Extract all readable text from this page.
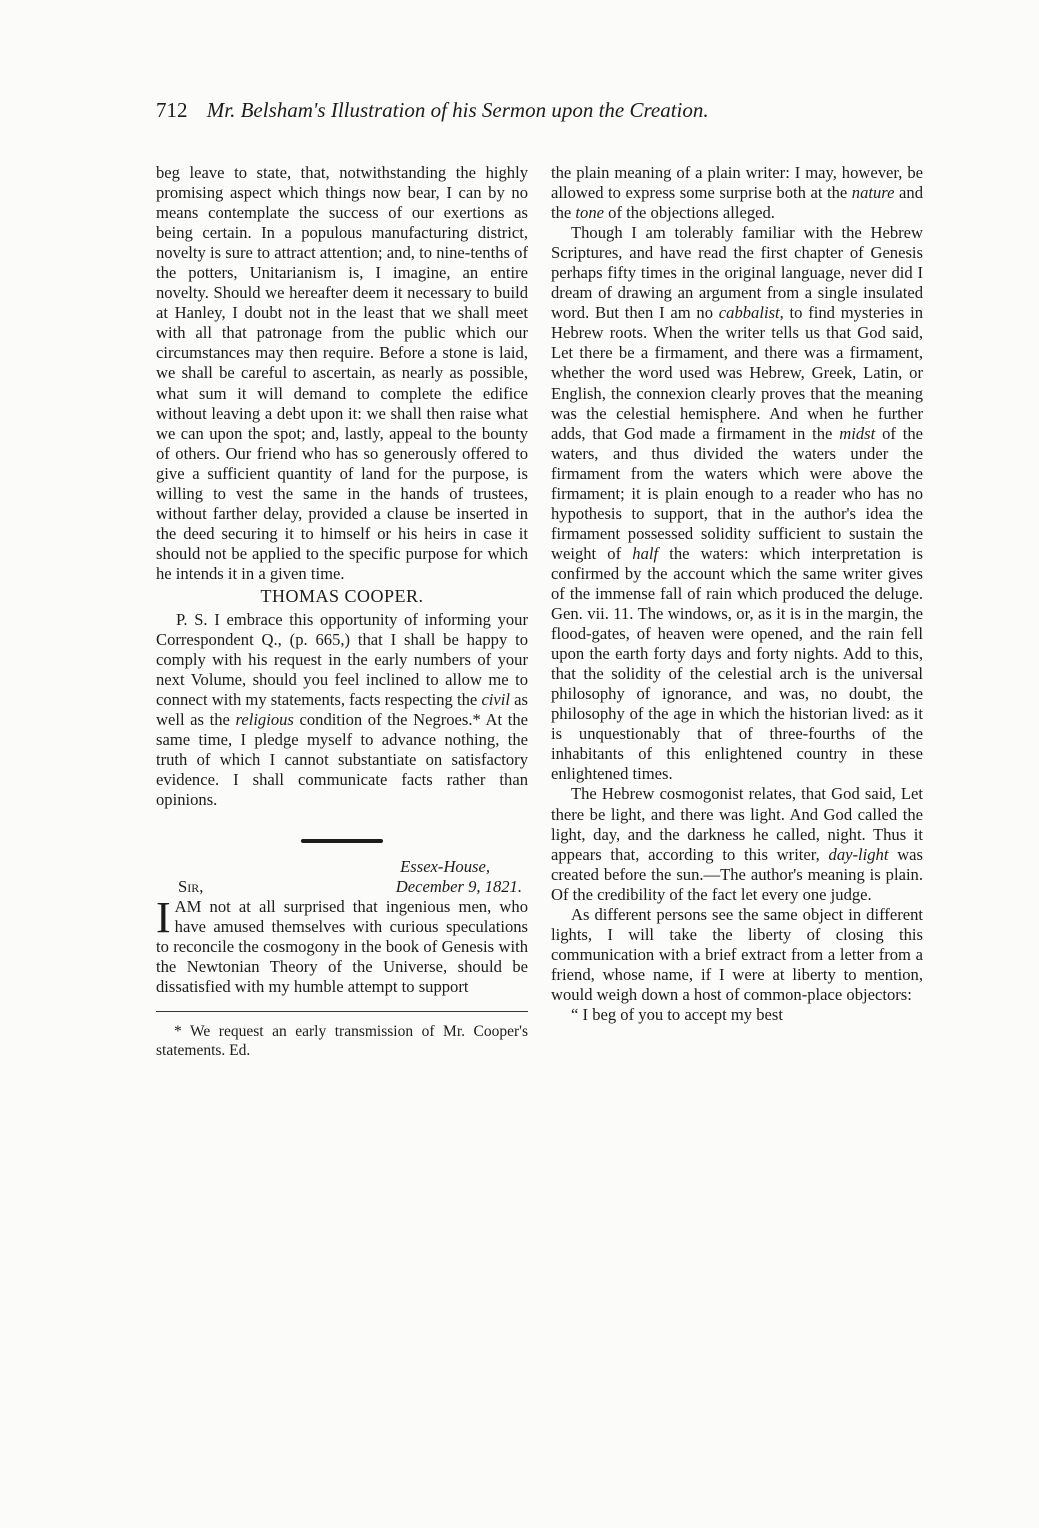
712 Mr. Belsham's Illustration of his Sermon upon the Creation.

beg leave to state, that, notwithstanding the highly promising aspect which things now bear, I can by no means contemplate the success of our exertions as being certain. In a populous manufacturing district, novelty is sure to attract attention; and, to nine-tenths of the potters, Unitarianism is, I imagine, an entire novelty. Should we hereafter deem it necessary to build at Hanley, I doubt not in the least that we shall meet with all that patronage from the public which our circumstances may then require. Before a stone is laid, we shall be careful to ascertain, as nearly as possible, what sum it will demand to complete the edifice without leaving a debt upon it: we shall then raise what we can upon the spot; and, lastly, appeal to the bounty of others. Our friend who has so generously offered to give a sufficient quantity of land for the purpose, is willing to vest the same in the hands of trustees, without farther delay, provided a clause be inserted in the deed securing it to himself or his heirs in case it should not be applied to the specific purpose for which he intends it in a given time.

THOMAS COOPER.

P. S. I embrace this opportunity of informing your Correspondent Q., (p. 665,) that I shall be happy to comply with his request in the early numbers of your next Volume, should you feel inclined to allow me to connect with my statements, facts respecting the civil as well as the religious condition of the Negroes.* At the same time, I pledge myself to advance nothing, the truth of which I cannot substantiate on satisfactory evidence. I shall communicate facts rather than opinions.

Essex-House,
Sir,	December 9, 1821.

IAM not at all surprised that ingenious men, who have amused themselves with curious speculations to reconcile the cosmogony in the book of Genesis with the Newtonian Theory of the Universe, should be dissatisfied with my humble attempt to support

* We request an early transmission of Mr. Cooper's statements. Ed.

the plain meaning of a plain writer: I may, however, be allowed to express some surprise both at the nature and the tone of the objections alleged.

Though I am tolerably familiar with the Hebrew Scriptures, and have read the first chapter of Genesis perhaps fifty times in the original language, never did I dream of drawing an argument from a single insulated word. But then I am no cabbalist, to find mysteries in Hebrew roots. When the writer tells us that God said, Let there be a firmament, and there was a firmament, whether the word used was Hebrew, Greek, Latin, or English, the connexion clearly proves that the meaning was the celestial hemisphere. And when he further adds, that God made a firmament in the midst of the waters, and thus divided the waters under the firmament from the waters which were above the firmament; it is plain enough to a reader who has no hypothesis to support, that in the author's idea the firmament possessed solidity sufficient to sustain the weight of half the waters: which interpretation is confirmed by the account which the same writer gives of the immense fall of rain which produced the deluge. Gen. vii. 11. The windows, or, as it is in the margin, the flood-gates, of heaven were opened, and the rain fell upon the earth forty days and forty nights. Add to this, that the solidity of the celestial arch is the universal philosophy of ignorance, and was, no doubt, the philosophy of the age in which the historian lived: as it is unquestionably that of three-fourths of the inhabitants of this enlightened country in these enlightened times.

The Hebrew cosmogonist relates, that God said, Let there be light, and there was light. And God called the light, day, and the darkness he called, night. Thus it appears that, according to this writer, day-light was created before the sun.—The author's meaning is plain. Of the credibility of the fact let every one judge.

As different persons see the same object in different lights, I will take the liberty of closing this communication with a brief extract from a letter from a friend, whose name, if I were at liberty to mention, would weigh down a host of common-place objectors:

“ I beg of you to accept my best
